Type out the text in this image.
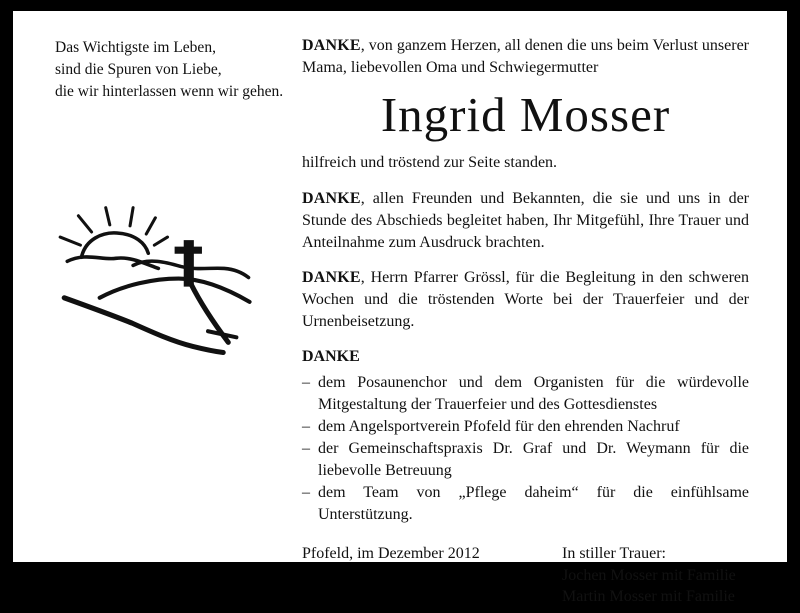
Das Wichtigste im Leben,
sind die Spuren von Liebe,
die wir hinterlassen wenn wir gehen.

DANKE, von ganzem Herzen, all denen die uns beim Verlust unserer Mama, liebevollen Oma und Schwiegermutter

Ingrid Mosser

hilfreich und tröstend zur Seite standen.

DANKE, allen Freunden und Bekannten, die sie und uns in der Stunde des Abschieds begleitet haben, Ihr Mitgefühl, Ihre Trauer und Anteilnahme zum Ausdruck brachten.

DANKE, Herrn Pfarrer Grössl, für die Begleitung in den schweren Wochen und die tröstenden Worte bei der Trauerfeier und der Urnenbeisetzung.

DANKE

– dem Posaunenchor und dem Organisten für die würdevolle Mitgestaltung der Trauerfeier und des Gottesdienstes
– dem Angelsportverein Pfofeld für den ehrenden Nachruf
– der Gemeinschaftspraxis Dr. Graf und Dr. Weymann für die liebevolle Betreuung
– dem Team von „Pflege daheim“ für die einfühlsame Unterstützung.
Pfofeld, im Dezember 2012	In stiller Trauer:
Jochen Mosser mit Familie
Martin Mosser mit Familie
